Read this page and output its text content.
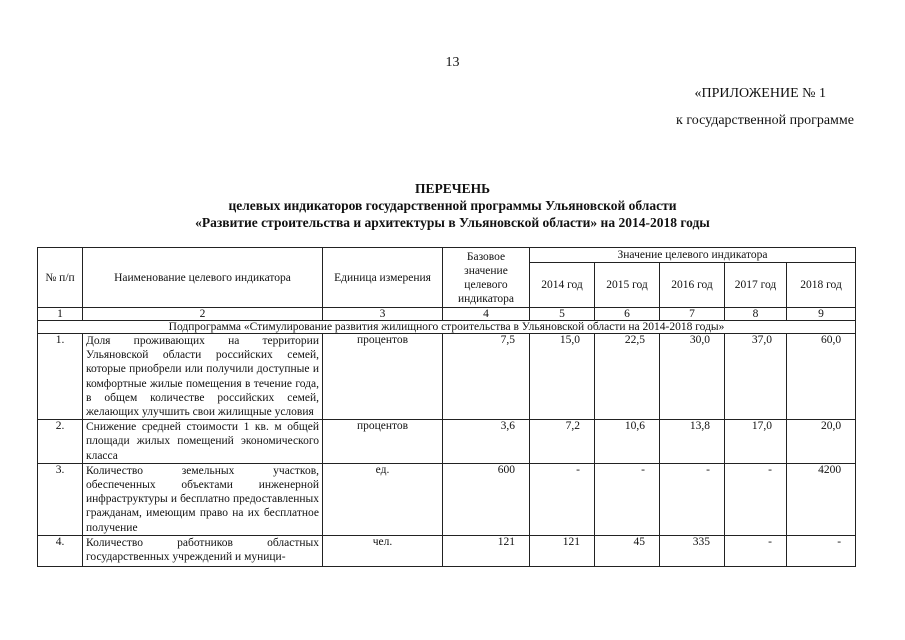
13
«ПРИЛОЖЕНИЕ № 1
к государственной программе
ПЕРЕЧЕНЬ
целевых индикаторов государственной программы Ульяновской области
«Развитие строительства и архитектуры в Ульяновской области» на 2014-2018 годы
№ п/п	Наименование целевого индикатора	Единица измерения	Базовое значение целевого индикатора	Значение целевого индикатора				
				2014 год	2015 год	2016 год	2017 год	2018 год
1	2	3	4	5	6	7	8	9
Подпрограмма «Стимулирование развития жилищного строительства в Ульяновской области на 2014-2018 годы»								
1.	Доля проживающих на территории Ульяновской области российских семей, которые приобрели или получили доступные и комфортные жилые помещения в течение года, в общем количестве российских семей, желающих улучшить свои жилищные условия	процентов	7,5	15,0	22,5	30,0	37,0	60,0
2.	Снижение средней стоимости 1 кв. м общей площади жилых помещений экономического класса	процентов	3,6	7,2	10,6	13,8	17,0	20,0
3.	Количество земельных участков, обеспеченных объектами инженерной инфраструктуры и бесплатно предоставленных гражданам, имеющим право на их бесплатное получение	ед.	600	-	-	-	-	4200
4.	Количество работников областных государственных учреждений и муници-	чел.	121	121	45	335	-	-
